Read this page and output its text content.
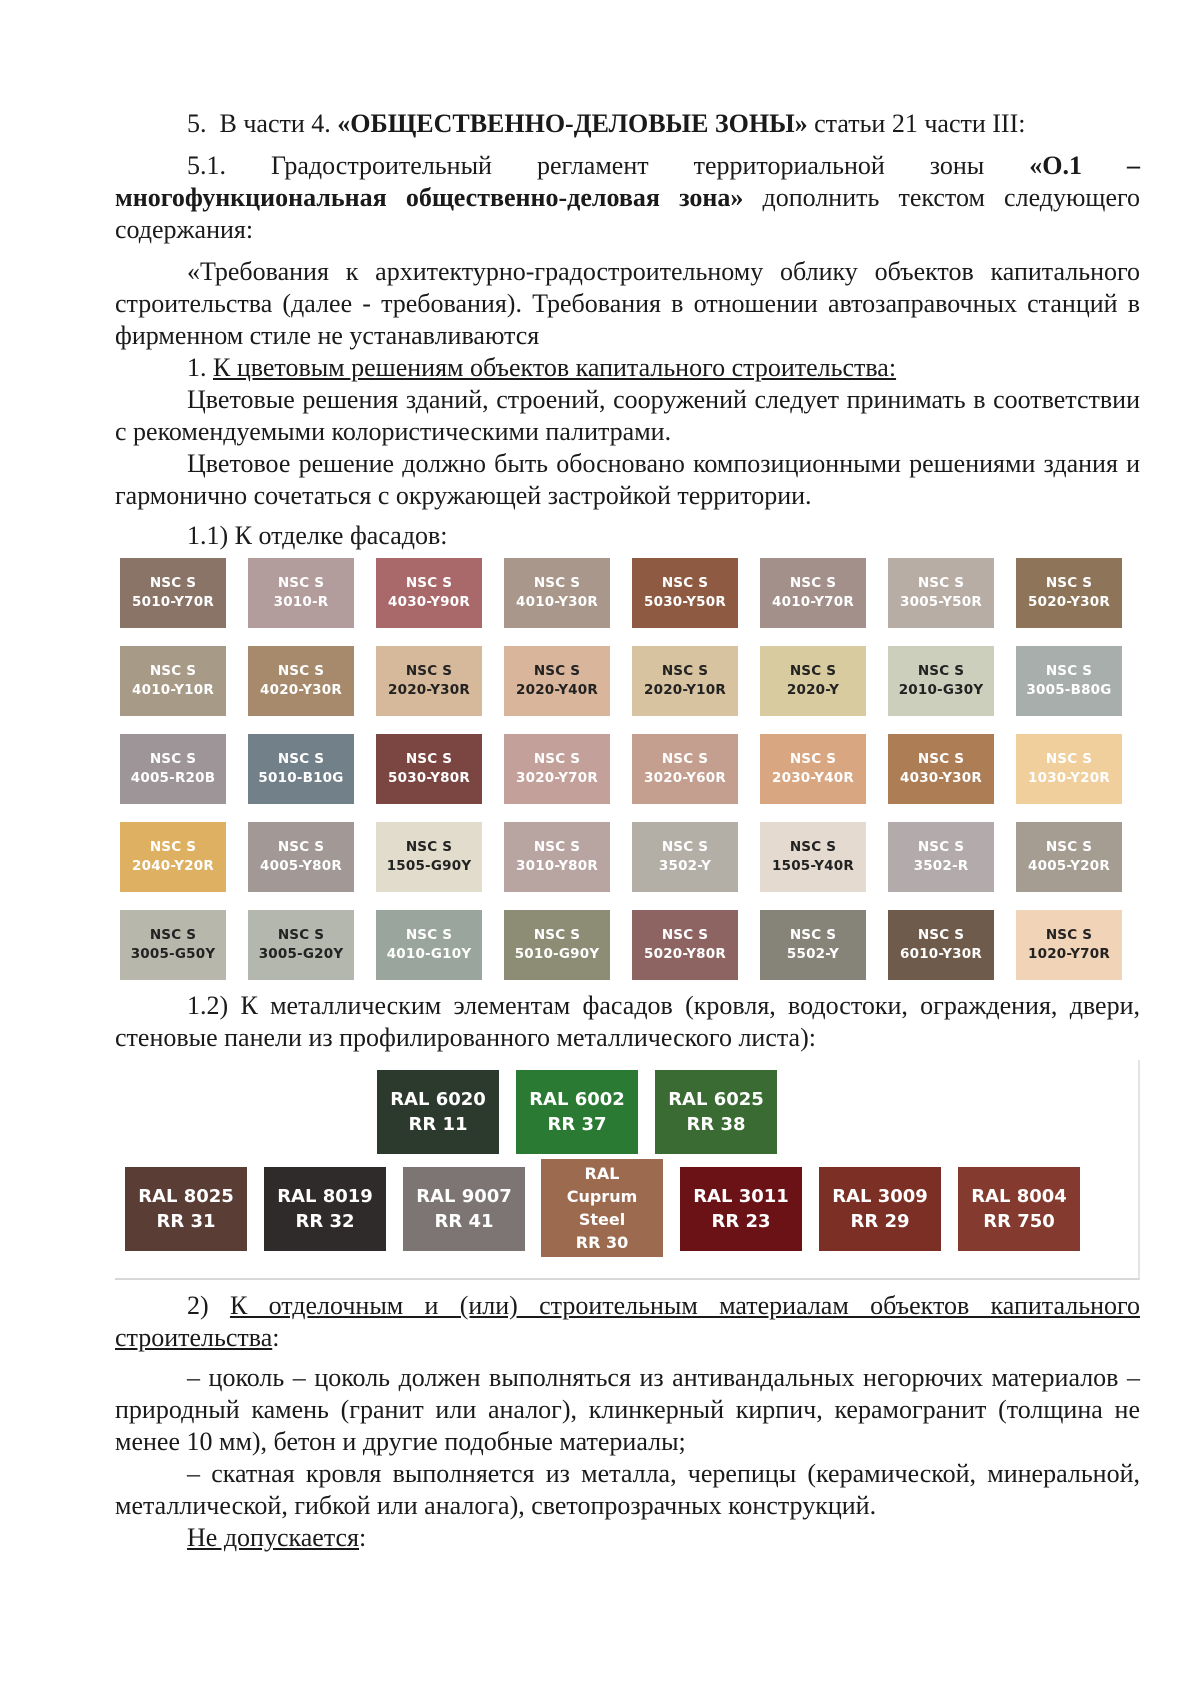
5. В части 4. «ОБЩЕСТВЕННО-ДЕЛОВЫЕ ЗОНЫ» статьи 21 части III:

5.1. Градостроительный регламент территориальной зоны «О.1 – многофункциональная общественно-деловая зона» дополнить текстом следующего содержания:

«Требования к архитектурно-градостроительному облику объектов капитального строительства (далее - требования). Требования в отношении автозаправочных станций в фирменном стиле не устанавливаются

1. К цветовым решениям объектов капитального строительства:

Цветовые решения зданий, строений, сооружений следует принимать в соответствии с рекомендуемыми колористическими палитрами.

Цветовое решение должно быть обосновано композиционными решениями здания и гармонично сочетаться с окружающей застройкой территории.

1.1) К отделке фасадов:

NSC S
5010-Y70R
NSC S
3010-R
NSC S
4030-Y90R
NSC S
4010-Y30R
NSC S
5030-Y50R
NSC S
4010-Y70R
NSC S
3005-Y50R
NSC S
5020-Y30R
NSC S
4010-Y10R
NSC S
4020-Y30R
NSC S
2020-Y30R
NSC S
2020-Y40R
NSC S
2020-Y10R
NSC S
2020-Y
NSC S
2010-G30Y
NSC S
3005-B80G
NSC S
4005-R20B
NSC S
5010-B10G
NSC S
5030-Y80R
NSC S
3020-Y70R
NSC S
3020-Y60R
NSC S
2030-Y40R
NSC S
4030-Y30R
NSC S
1030-Y20R
NSC S
2040-Y20R
NSC S
4005-Y80R
NSC S
1505-G90Y
NSC S
3010-Y80R
NSC S
3502-Y
NSC S
1505-Y40R
NSC S
3502-R
NSC S
4005-Y20R
NSC S
3005-G50Y
NSC S
3005-G20Y
NSC S
4010-G10Y
NSC S
5010-G90Y
NSC S
5020-Y80R
NSC S
5502-Y
NSC S
6010-Y30R
NSC S
1020-Y70R

1.2) К металлическим элементам фасадов (кровля, водостоки, ограждения, двери, стеновые панели из профилированного металлического листа):

RAL 6020
RR 11
RAL 6002
RR 37
RAL 6025
RR 38
RAL 8025
RR 31
RAL 8019
RR 32
RAL 9007
RR 41
RAL
Cuprum Steel
RR 30
RAL 3011
RR 23
RAL 3009
RR 29
RAL 8004
RR 750

2) К отделочным и (или) строительным материалам объектов капитального строительства:

– цоколь – цоколь должен выполняться из антивандальных негорючих материалов – природный камень (гранит или аналог), клинкерный кирпич, керамогранит (толщина не менее 10 мм), бетон и другие подобные материалы;

– скатная кровля выполняется из металла, черепицы (керамической, минеральной, металлической, гибкой или аналога), светопрозрачных конструкций.

Не допускается:
